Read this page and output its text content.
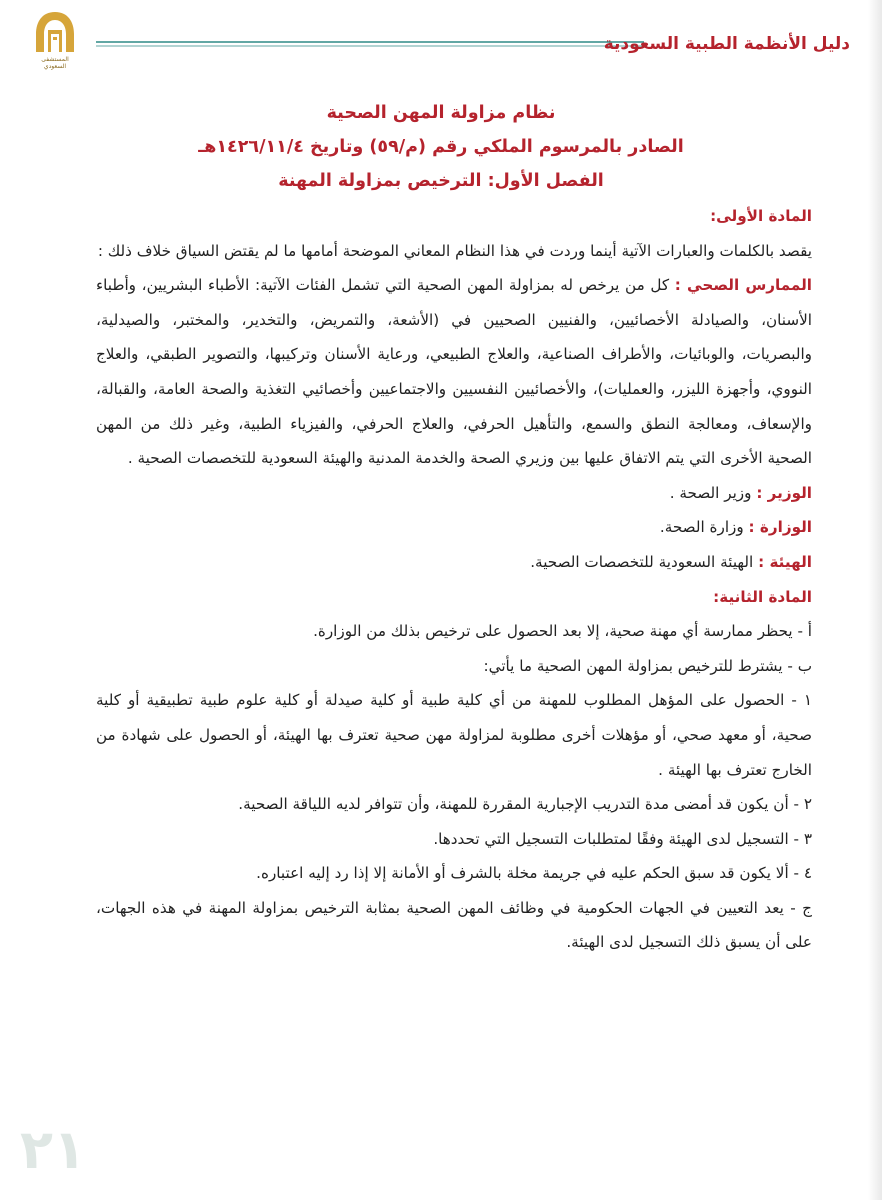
المستشفى السعودي
دليل الأنظمة الطبية السعودية
نظام مزاولة المهن الصحية
الصادر بالمرسوم الملكي رقم (م/٥٩) وتاريخ ١٤٢٦/١١/٤هـ
الفصل الأول: الترخيص بمزاولة المهنة

المادة الأولى:

يقصد بالكلمات والعبارات الآتية أينما وردت في هذا النظام المعاني الموضحة أمامها ما لم يقتض السياق خلاف ذلك :

الممارس الصحي : كل من يرخص له بمزاولة المهن الصحية التي تشمل الفئات الآتية: الأطباء البشريين، وأطباء الأسنان، والصيادلة الأخصائيين، والفنيين الصحيين في (الأشعة، والتمريض، والتخدير، والمختبر، والصيدلية، والبصريات، والوبائيات، والأطراف الصناعية، والعلاج الطبيعي، ورعاية الأسنان وتركيبها، والتصوير الطبقي، والعلاج النووي، وأجهزة الليزر، والعمليات)، والأخصائيين النفسيين والاجتماعيين وأخصائيي التغذية والصحة العامة، والقبالة، والإسعاف، ومعالجة النطق والسمع، والتأهيل الحرفي، والعلاج الحرفي، والفيزياء الطبية، وغير ذلك من المهن الصحية الأخرى التي يتم الاتفاق عليها بين وزيري الصحة والخدمة المدنية والهيئة السعودية للتخصصات الصحية .

الوزير : وزير الصحة .

الوزارة : وزارة الصحة.

الهيئة : الهيئة السعودية للتخصصات الصحية.

المادة الثانية:

أ - يحظر ممارسة أي مهنة صحية، إلا بعد الحصول على ترخيص بذلك من الوزارة.

ب - يشترط للترخيص بمزاولة المهن الصحية ما يأتي:

١ - الحصول على المؤهل المطلوب للمهنة من أي كلية طبية أو كلية صيدلة أو كلية علوم طبية تطبيقية أو كلية صحية، أو معهد صحي، أو مؤهلات أخرى مطلوبة لمزاولة مهن صحية تعترف بها الهيئة، أو الحصول على شهادة من الخارج تعترف بها الهيئة .

٢ - أن يكون قد أمضى مدة التدريب الإجبارية المقررة للمهنة، وأن تتوافر لديه اللياقة الصحية.

٣ - التسجيل لدى الهيئة وفقًا لمتطلبات التسجيل التي تحددها.

٤ - ألا يكون قد سبق الحكم عليه في جريمة مخلة بالشرف أو الأمانة إلا إذا رد إليه اعتباره.

ج - يعد التعيين في الجهات الحكومية في وظائف المهن الصحية بمثابة الترخيص بمزاولة المهنة في هذه الجهات، على أن يسبق ذلك التسجيل لدى الهيئة.

٢١
